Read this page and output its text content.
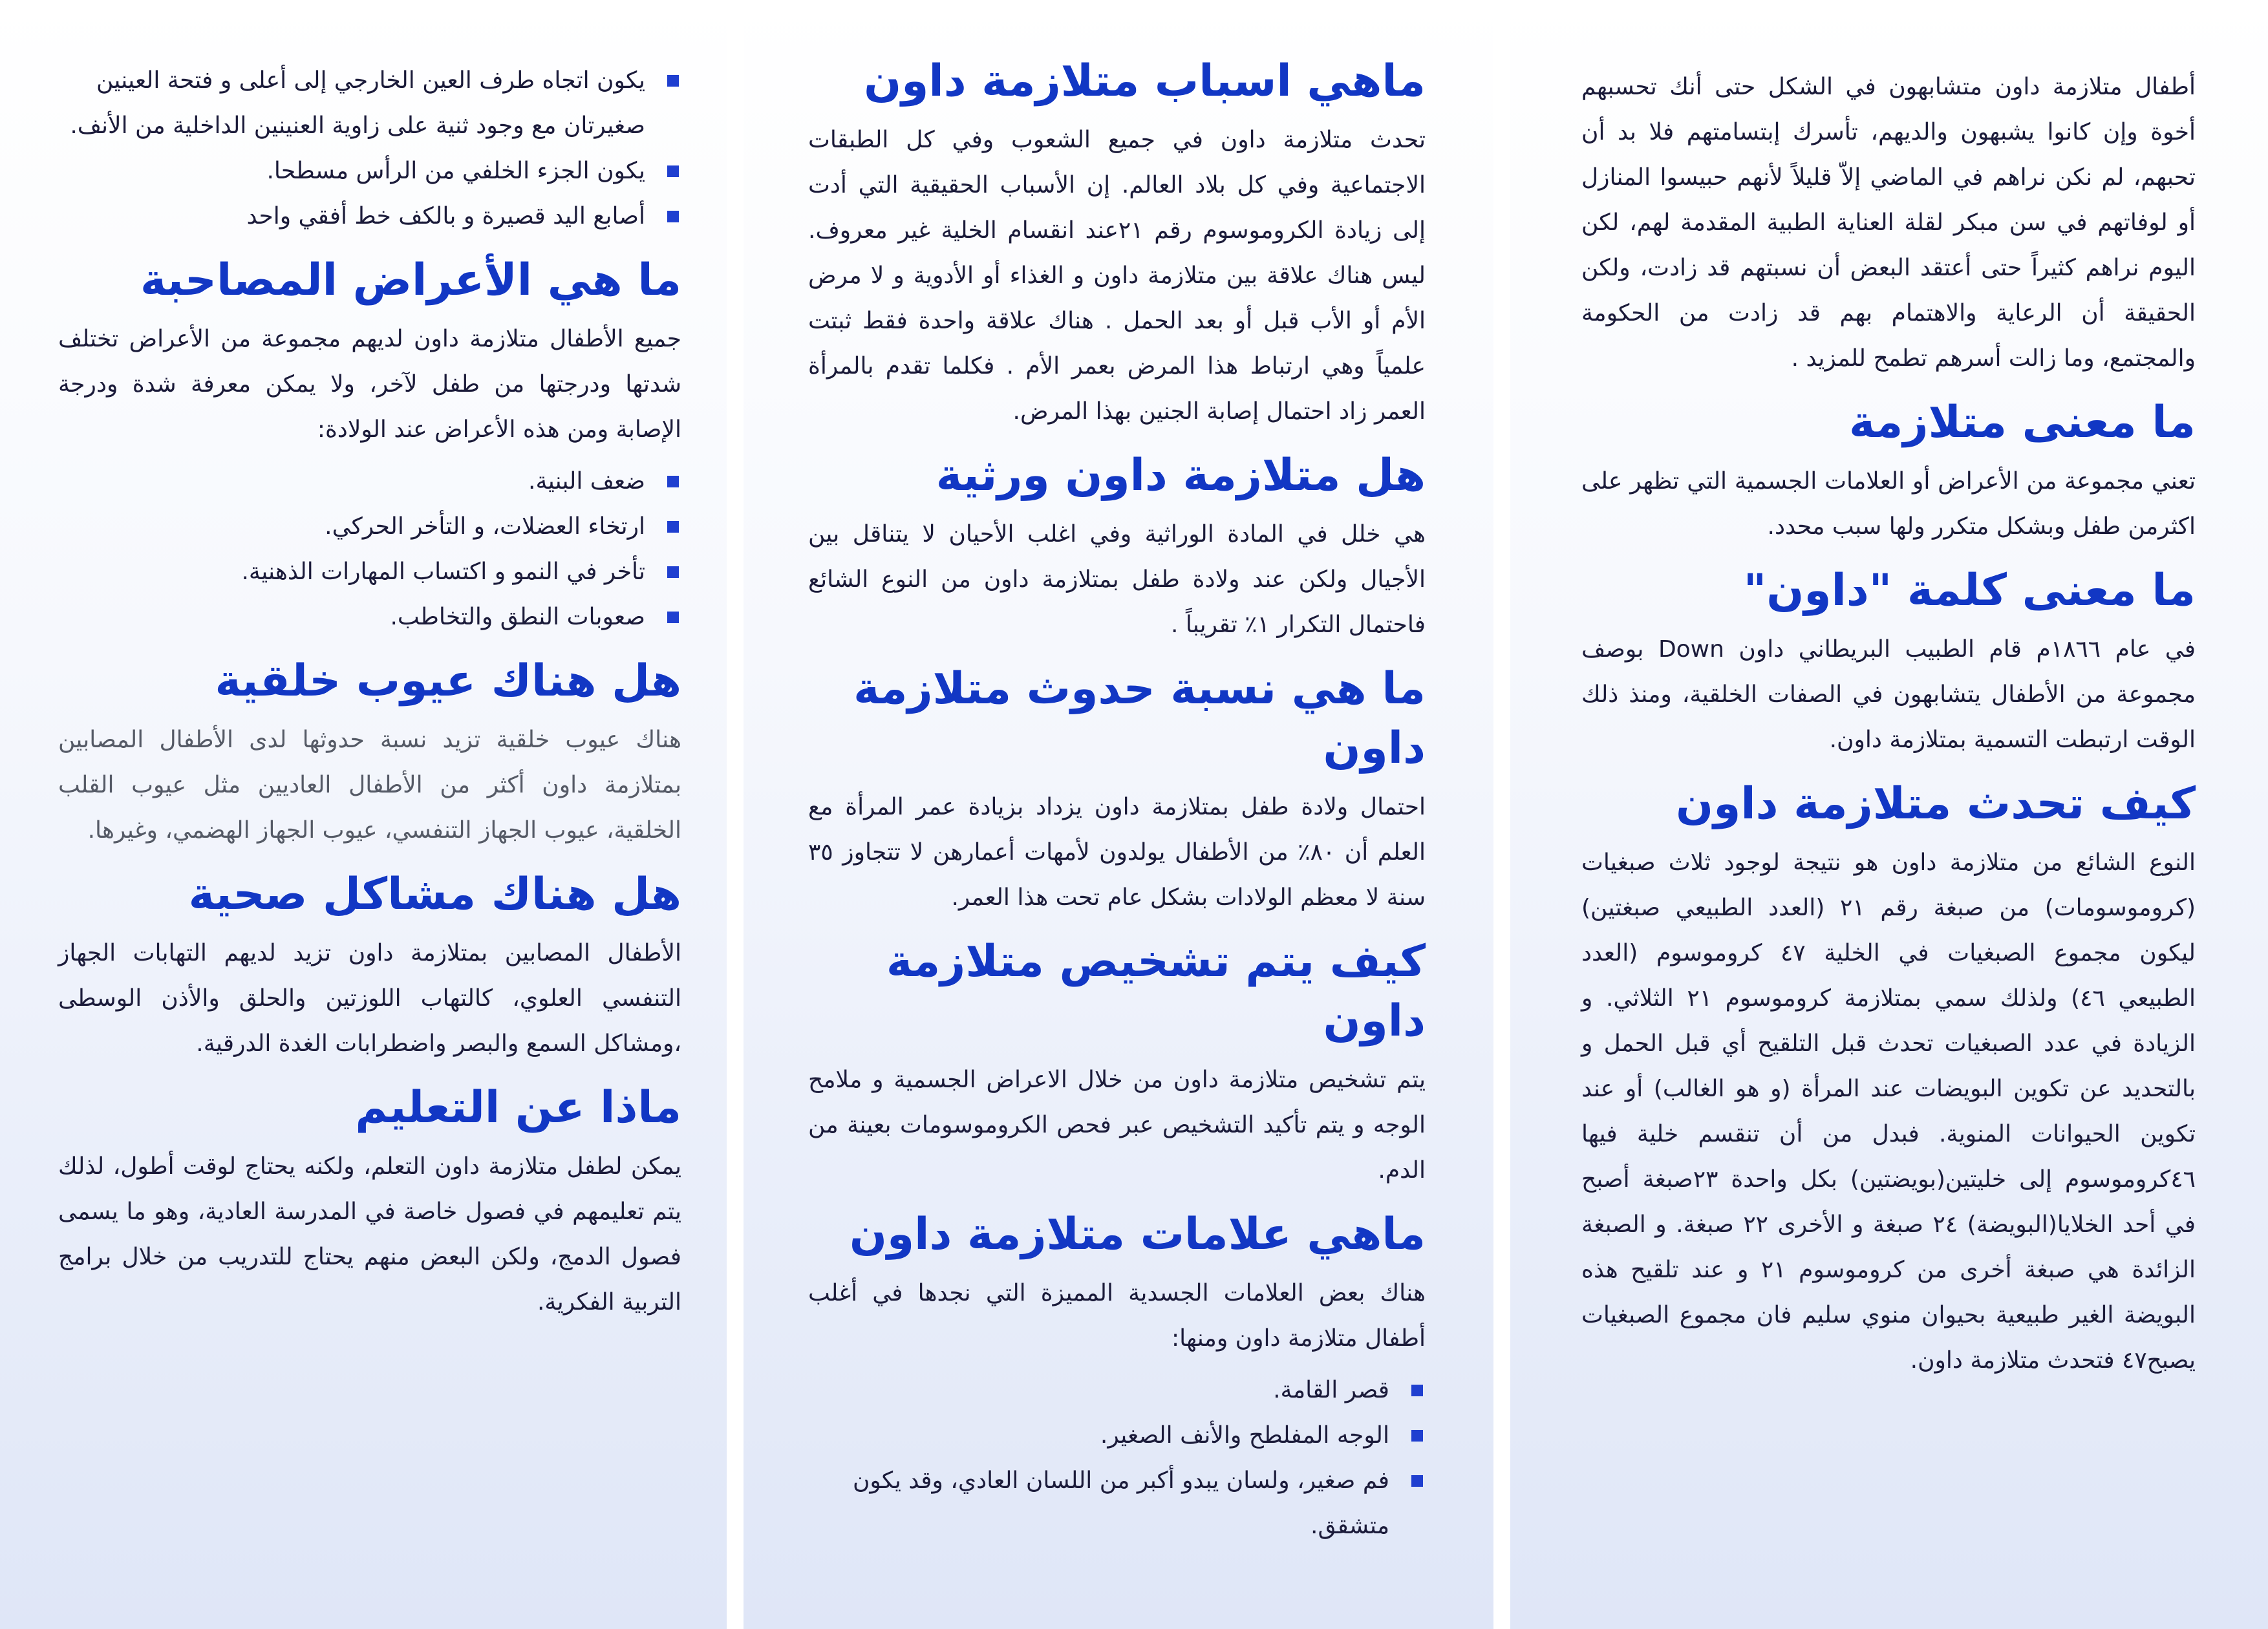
يكون اتجاه طرف العين الخارجي إلى أعلى و فتحة العينين صغيرتان مع وجود ثنية على زاوية العنينين الداخلية من الأنف.
يكون الجزء الخلفي من الرأس مسطحا.
أصابع اليد قصيرة و بالكف خط أفقي واحد
ما هي الأعراض المصاحبة

جميع الأطفال متلازمة داون لديهم مجموعة من الأعراض تختلف شدتها ودرجتها من طفل لآخر، ولا يمكن معرفة شدة ودرجة الإصابة ومن هذه الأعراض عند الولادة:

ضعف البنية.
ارتخاء العضلات، و التأخر الحركي.
تأخر في النمو و اكتساب المهارات الذهنية.
صعوبات النطق والتخاطب.
هل هناك عيوب خلقية

هناك عيوب خلقية تزيد نسبة حدوثها لدى الأطفال المصابين بمتلازمة داون أكثر من الأطفال العاديين مثل عيوب القلب الخلقية، عيوب الجهاز التنفسي، عيوب الجهاز الهضمي، وغيرها.

هل هناك مشاكل صحية

الأطفال المصابين بمتلازمة داون تزيد لديهم التهابات الجهاز التنفسي العلوي، كالتهاب اللوزتين والحلق والأذن الوسطى ،ومشاكل السمع والبصر واضطرابات الغدة الدرقية.

ماذا عن التعليم

يمكن لطفل متلازمة داون التعلم، ولكنه يحتاج لوقت أطول، لذلك يتم تعليمهم في فصول خاصة في المدرسة العادية، وهو ما يسمى فصول الدمج، ولكن البعض منهم يحتاج للتدريب من خلال برامج التربية الفكرية.

ماهي اسباب متلازمة داون

تحدث متلازمة داون في جميع الشعوب وفي كل الطبقات الاجتماعية وفي كل بلاد العالم. إن الأسباب الحقيقية التي أدت إلى زيادة الكروموسوم رقم ٢١عند انقسام الخلية غير معروف. ليس هناك علاقة بين متلازمة داون و الغذاء أو الأدوية و لا مرض الأم أو الأب قبل أو بعد الحمل . هناك علاقة واحدة فقط ثبتت علمياً وهي ارتباط هذا المرض بعمر الأم . فكلما تقدم بالمرأة العمر زاد احتمال إصابة الجنين بهذا المرض.

هل متلازمة داون ورثية

هي خلل في المادة الوراثية وفي اغلب الأحيان لا يتناقل بين الأجيال ولكن عند ولادة طفل بمتلازمة داون من النوع الشائع فاحتمال التكرار ١٪ تقريباً .

ما هي نسبة حدوث متلازمة داون

احتمال ولادة طفل بمتلازمة داون يزداد بزيادة عمر المرأة مع العلم أن ٨٠٪ من الأطفال يولدون لأمهات أعمارهن لا تتجاوز ٣٥ سنة لا معظم الولادات بشكل عام تحت هذا العمر.

كيف يتم تشخيص متلازمة داون

يتم تشخيص متلازمة داون من خلال الاعراض الجسمية و ملامح الوجه و يتم تأكيد التشخيص عبر فحص الكروموسومات بعينة من الدم.

ماهي علامات متلازمة داون

هناك بعض العلامات الجسدية المميزة التي نجدها في أغلب أطفال متلازمة داون ومنها:

قصر القامة.
الوجه المفلطح والأنف الصغير.
فم صغير، ولسان يبدو أكبر من اللسان العادي، وقد يكون متشقق.

أطفال متلازمة داون متشابهون في الشكل حتى أنك تحسبهم أخوة وإن كانوا يشبهون والديهم، تأسرك إبتسامتهم فلا بد أن تحبهم، لم نكن نراهم في الماضي إلاّ قليلاً لأنهم حبيسوا المنازل أو لوفاتهم في سن مبكر لقلة العناية الطبية المقدمة لهم، لكن اليوم نراهم كثيراً حتى أعتقد البعض أن نسبتهم قد زادت، ولكن الحقيقة أن الرعاية والاهتمام بهم قد زادت من الحكومة والمجتمع، وما زالت أسرهم تطمح للمزيد .

ما معنى متلازمة

تعني مجموعة من الأعراض أو العلامات الجسمية التي تظهر على اكثرمن طفل وبشكل متكرر ولها سبب محدد.

ما معنى كلمة "داون"

في عام ١٨٦٦م قام الطبيب البريطاني داون Down بوصف مجموعة من الأطفال يتشابهون في الصفات الخلقية، ومنذ ذلك الوقت ارتبطت التسمية بمتلازمة داون.

كيف تحدث متلازمة داون

النوع الشائع من متلازمة داون هو نتيجة لوجود ثلاث صبغيات (كروموسومات) من صبغة رقم ٢١ (العدد الطبيعي صبغتين) ليكون مجموع الصبغيات في الخلية ٤٧ كروموسوم (العدد الطبيعي ٤٦) ولذلك سمي بمتلازمة كروموسوم ٢١ الثلاثي. و الزيادة في عدد الصبغيات تحدث قبل التلقيح أي قبل الحمل و بالتحديد عن تكوين البويضات عند المرأة (و هو الغالب) أو عند تكوين الحيوانات المنوية. فبدل من أن تنقسم خلية فيها ٤٦كروموسوم إلى خليتين(بويضتين) بكل واحدة ٢٣صبغة أصبح في أحد الخلايا(البويضة) ٢٤ صبغة و الأخرى ٢٢ صبغة. و الصبغة الزائدة هي صبغة أخرى من كروموسوم ٢١ و عند تلقيح هذه البويضة الغير طبيعية بحيوان منوي سليم فان مجموع الصبغيات يصبح٤٧ فتحدث متلازمة داون.
